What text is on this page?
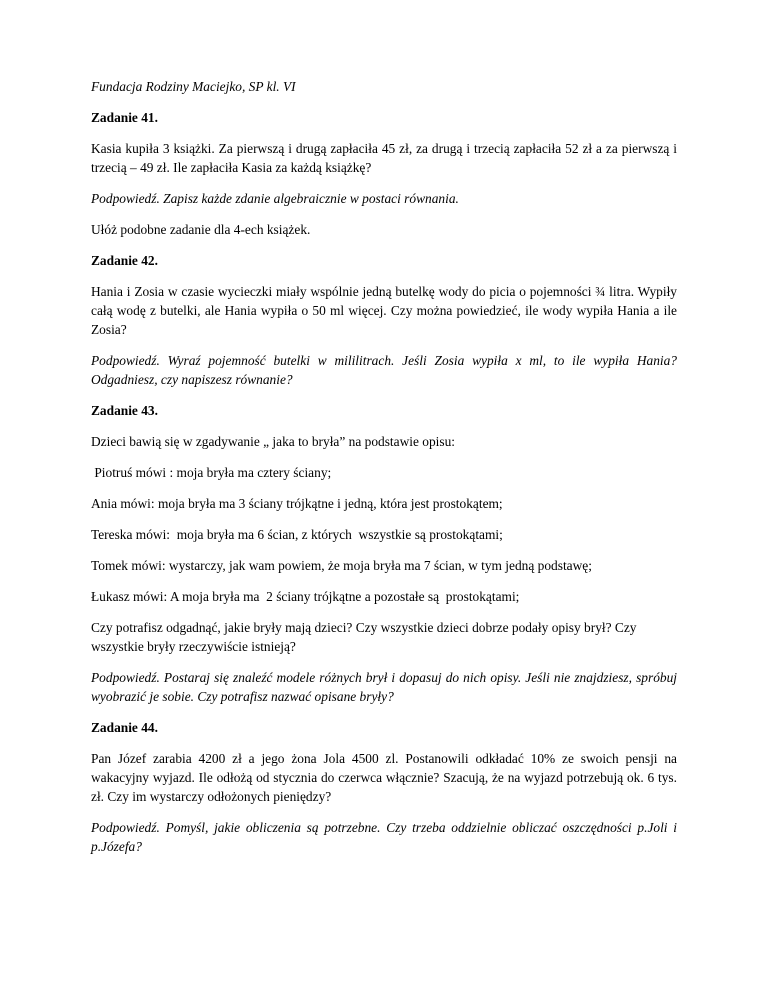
Fundacja Rodziny Maciejko, SP kl. VI

Zadanie 41.

Kasia kupiła 3 książki. Za pierwszą i drugą zapłaciła 45 zł, za drugą i trzecią zapłaciła 52 zł a za pierwszą i trzecią – 49 zł. Ile zapłaciła Kasia za każdą książkę?

Podpowiedź. Zapisz każde zdanie algebraicznie w postaci równania.

Ułóż podobne zadanie dla 4-ech książek.

Zadanie 42.

Hania i Zosia w czasie wycieczki miały wspólnie jedną butelkę wody do picia o pojemności ¾ litra. Wypiły całą wodę z butelki, ale Hania wypiła o 50 ml więcej. Czy można powiedzieć, ile wody wypiła Hania a ile Zosia?

Podpowiedź. Wyraź pojemność butelki w mililitrach. Jeśli Zosia wypiła x ml, to ile wypiła Hania? Odgadniesz, czy napiszesz równanie?

Zadanie 43.

Dzieci bawią się w zgadywanie „ jaka to bryła” na podstawie opisu:

Piotruś mówi : moja bryła ma cztery ściany;

Ania mówi: moja bryła ma 3 ściany trójkątne i jedną, która jest prostokątem;

Tereska mówi:  moja bryła ma 6 ścian, z których  wszystkie są prostokątami;

Tomek mówi: wystarczy, jak wam powiem, że moja bryła ma 7 ścian, w tym jedną podstawę;

Łukasz mówi: A moja bryła ma  2 ściany trójkątne a pozostałe są  prostokątami;

Czy potrafisz odgadnąć, jakie bryły mają dzieci? Czy wszystkie dzieci dobrze podały opisy brył? Czy wszystkie bryły rzeczywiście istnieją?

Podpowiedź. Postaraj się znaleźć modele różnych brył i dopasuj do nich opisy. Jeśli nie znajdziesz, spróbuj wyobrazić je sobie. Czy potrafisz nazwać opisane bryły?

Zadanie 44.

Pan Józef zarabia 4200 zł a jego żona Jola 4500 zl. Postanowili odkładać 10% ze swoich pensji na wakacyjny wyjazd. Ile odłożą od stycznia do czerwca włącznie? Szacują, że na wyjazd potrzebują ok. 6 tys. zł. Czy im wystarczy odłożonych pieniędzy?

Podpowiedź. Pomyśl, jakie obliczenia są potrzebne. Czy trzeba oddzielnie obliczać oszczędności p.Joli i p.Józefa?
